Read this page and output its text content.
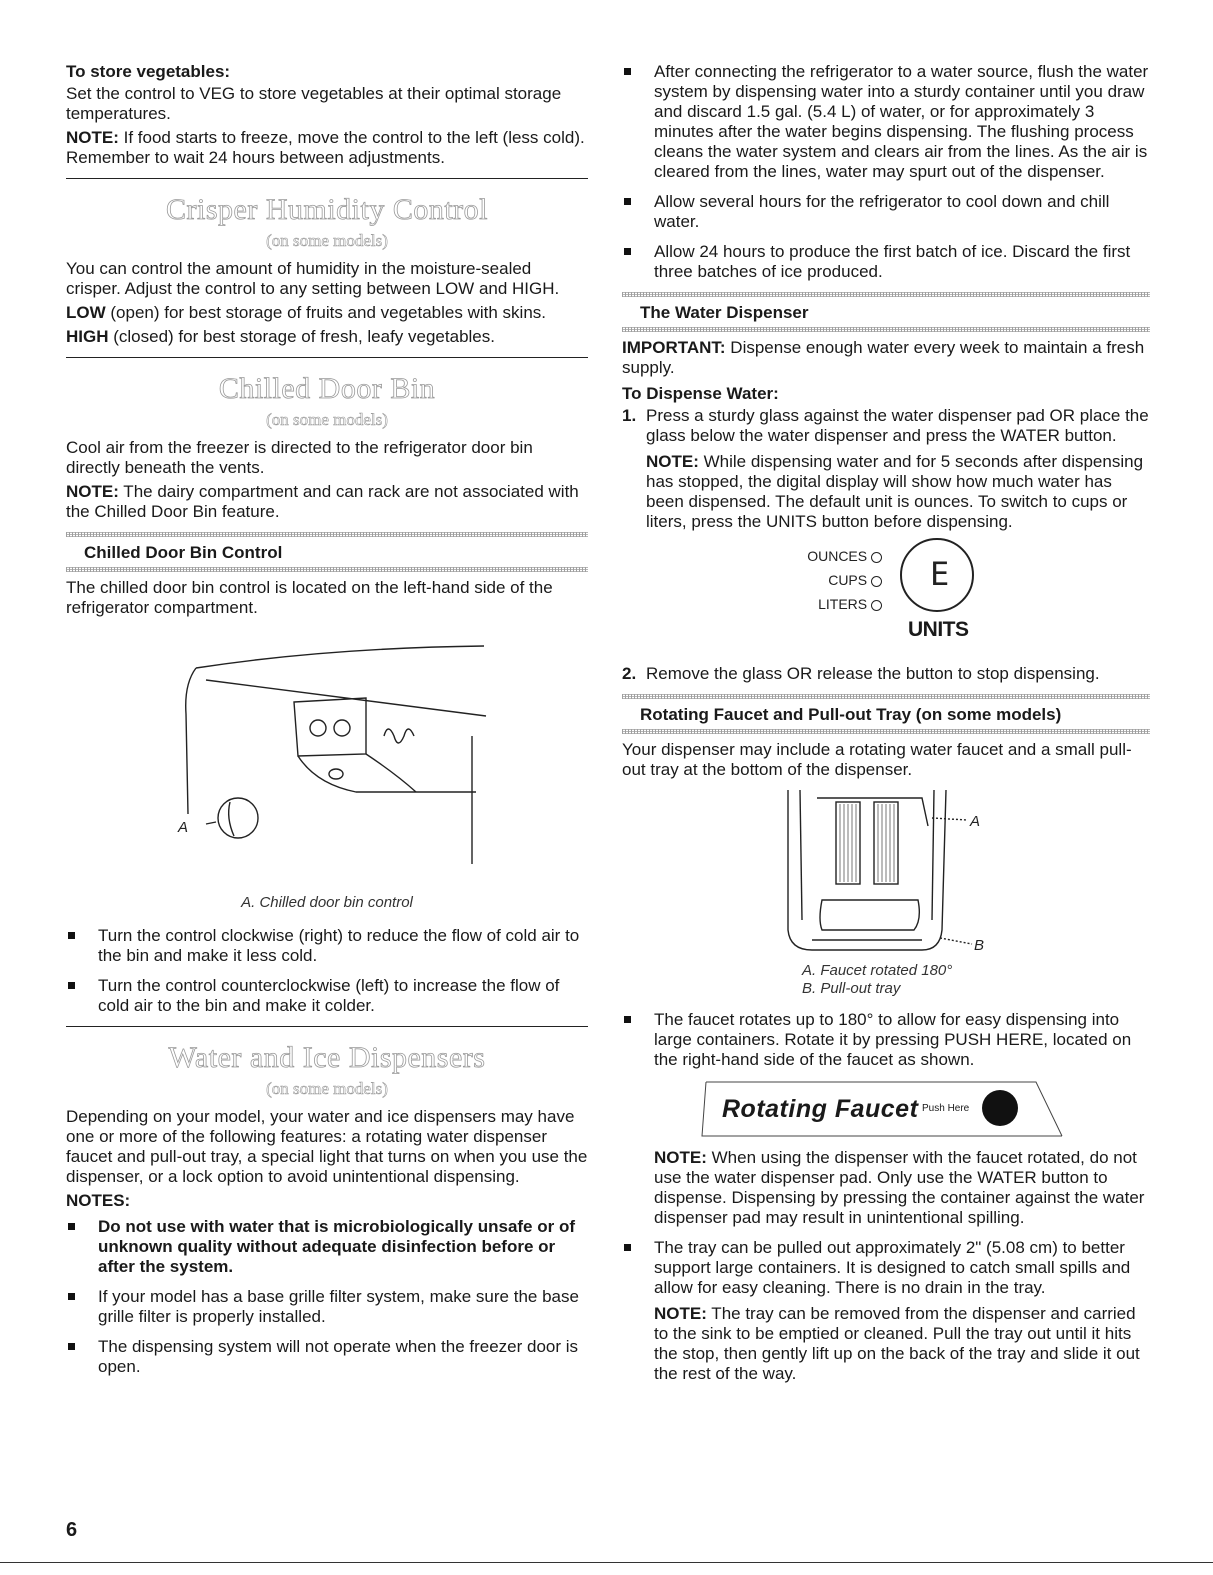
To store vegetables:

Set the control to VEG to store vegetables at their optimal storage temperatures.

NOTE: If food starts to freeze, move the control to the left (less cold). Remember to wait 24 hours between adjustments.

Crisper Humidity Control
(on some models)

You can control the amount of humidity in the moisture-sealed crisper. Adjust the control to any setting between LOW and HIGH.

LOW (open) for best storage of fruits and vegetables with skins.

HIGH (closed) for best storage of fresh, leafy vegetables.

Chilled Door Bin
(on some models)

Cool air from the freezer is directed to the refrigerator door bin directly beneath the vents.

NOTE: The dairy compartment and can rack are not associated with the Chilled Door Bin feature.

Chilled Door Bin Control

The chilled door bin control is located on the left-hand side of the refrigerator compartment.

A

A. Chilled door bin control

Turn the control clockwise (right) to reduce the flow of cold air to the bin and make it less cold.
Turn the control counterclockwise (left) to increase the flow of cold air to the bin and make it colder.
Water and Ice Dispensers
(on some models)

Depending on your model, your water and ice dispensers may have one or more of the following features: a rotating water dispenser faucet and pull-out tray, a special light that turns on when you use the dispenser, or a lock option to avoid unintentional dispensing.

NOTES:

Do not use with water that is microbiologically unsafe or of unknown quality without adequate disinfection before or after the system.
If your model has a base grille filter system, make sure the base grille filter is properly installed.
The dispensing system will not operate when the freezer door is open.
After connecting the refrigerator to a water source, flush the water system by dispensing water into a sturdy container until you draw and discard 1.5 gal. (5.4 L) of water, or for approximately 3 minutes after the water begins dispensing. The flushing process cleans the water system and clears air from the lines. As the air is cleared from the lines, water may spurt out of the dispenser.
Allow several hours for the refrigerator to cool down and chill water.
Allow 24 hours to produce the first batch of ice. Discard the first three batches of ice produced.

The Water Dispenser

IMPORTANT: Dispense enough water every week to maintain a fresh supply.

To Dispense Water:

1. Press a sturdy glass against the water dispenser pad OR place the glass below the water dispenser and press the WATER button.

NOTE: While dispensing water and for 5 seconds after dispensing has stopped, the digital display will show how much water has been dispensed. The default unit is ounces. To switch to cups or liters, press the UNITS button before dispensing.

OUNCES
CUPS
LITERS
E
UNITS
2. Remove the glass OR release the button to stop dispensing.

Rotating Faucet and Pull-out Tray (on some models)

Your dispenser may include a rotating water faucet and a small pull-out tray at the bottom of the dispenser.

A
B

A. Faucet rotated 180°

B. Pull-out tray

The faucet rotates up to 180° to allow for easy dispensing into large containers. Rotate it by pressing PUSH HERE, located on the right-hand side of the faucet as shown.
Rotating Faucet Push Here

NOTE: When using the dispenser with the faucet rotated, do not use the water dispenser pad. Only use the WATER button to dispense. Dispensing by pressing the container against the water dispenser pad may result in unintentional spilling.

The tray can be pulled out approximately 2" (5.08 cm) to better support large containers. It is designed to catch small spills and allow for easy cleaning. There is no drain in the tray.

NOTE: The tray can be removed from the dispenser and carried to the sink to be emptied or cleaned. Pull the tray out until it hits the stop, then gently lift up on the back of the tray and slide it out the rest of the way.

6
